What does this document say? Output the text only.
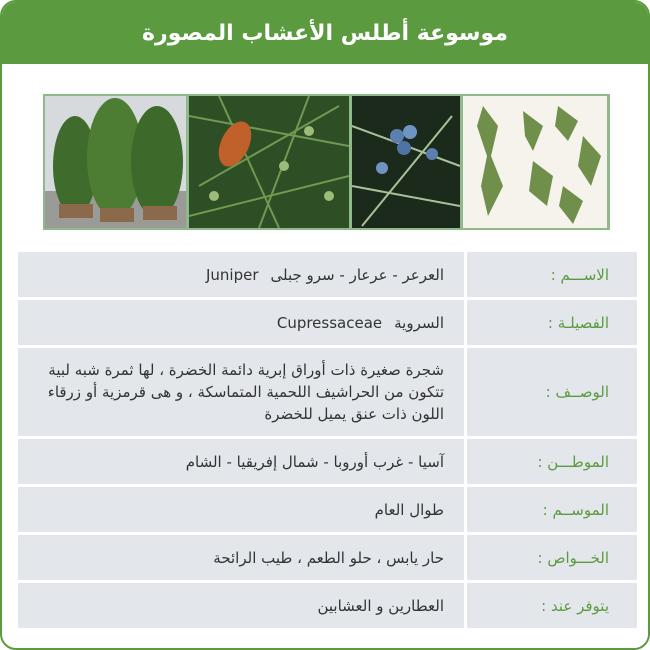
موسوعة أطلس الأعشاب المصورة
الاســـم :
العرعر - عرعار - سرو جبلى
Juniper
الفصيلـة :
السروية
Cupressaceae
الوصــف :
شجرة صغيرة ذات أوراق إبرية دائمة الخضرة ، لها ثمرة شبه لبية تتكون من الحراشيف اللحمية المتماسكة ، و هى قرمزية أو زرقاء اللون ذات عنق يميل للخضرة
الموطـــن :
آسيا - غرب أوروبا - شمال إفريقيا - الشام
الموســم :
طوال العام
الخـــواص :
حار يابس ، حلو الطعم ، طيب الرائحة
يتوفر عند :
العطارين و العشابين
